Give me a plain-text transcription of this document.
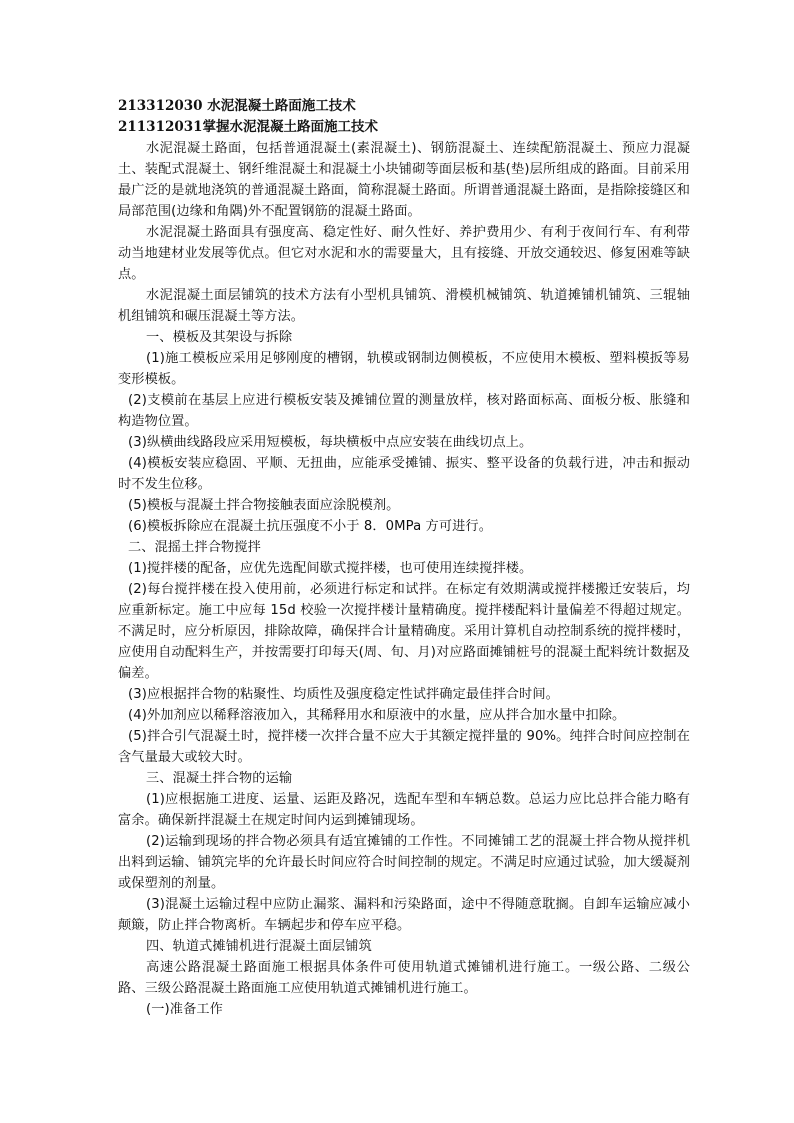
213312030 水泥混凝土路面施工技术

211312031掌握水泥混凝土路面施工技术

水泥混凝土路面，包括普通混凝土(素混凝土)、钢筋混凝土、连续配筋混凝土、预应力混凝土、装配式混凝土、钢纤维混凝土和混凝土小块铺砌等面层板和基(垫)层所组成的路面。目前采用最广泛的是就地浇筑的普通混凝土路面，简称混凝土路面。所谓普通混凝土路面，是指除接缝区和局部范围(边缘和角隅)外不配置钢筋的混凝土路面。

水泥混凝土路面具有强度高、稳定性好、耐久性好、养护费用少、有利于夜间行车、有利带动当地建材业发展等优点。但它对水泥和水的需要量大，且有接缝、开放交通较迟、修复困难等缺点。

水泥混凝土面层铺筑的技术方法有小型机具铺筑、滑模机械铺筑、轨道摊铺机铺筑、三辊轴机组铺筑和碾压混凝土等方法。

一、模板及其架设与拆除

(1)施工模板应采用足够刚度的槽钢，轨模或钢制边侧模板，不应使用木模板、塑料模扳等易变形模板。

(2)支模前在基层上应进行模板安装及摊铺位置的测量放样，核对路面标高、面板分板、胀缝和构造物位置。

(3)纵横曲线路段应采用短模板，每块横板中点应安装在曲线切点上。

(4)模板安装应稳固、平顺、无扭曲，应能承受摊铺、振实、整平设备的负载行进，冲击和振动时不发生位移。

(5)模板与混凝土拌合物接触表面应涂脱模剂。

(6)模板拆除应在混凝土抗压强度不小于 8．0MPa 方可进行。

二、混摇土拌合物搅拌

(1)搅拌楼的配备，应优先选配间歇式搅拌楼，也可使用连续搅拌楼。

(2)每台搅拌楼在投入使用前，必须进行标定和试拌。在标定有效期满或搅拌楼搬迁安装后，均应重新标定。施工中应每 15d 校验一次搅拌楼计量精确度。搅拌楼配料计量偏差不得超过规定。不满足时，应分析原因，排除故障，确保拌合计量精确度。采用计算机自动控制系统的搅拌楼时，应使用自动配料生产，并按需要打印每天(周、旬、月)对应路面摊铺桩号的混凝土配料统计数据及偏差。

(3)应根据拌合物的粘聚性、均质性及强度稳定性试拌确定最佳拌合时间。

(4)外加剂应以稀释溶液加入，其稀释用水和原液中的水量，应从拌合加水量中扣除。

(5)拌合引气混凝土时，搅拌楼一次拌合量不应大于其额定搅拌量的 90%。纯拌合时间应控制在含气量最大或较大时。

三、混凝土拌合物的运输

(1)应根据施工进度、运量、运距及路况，选配车型和车辆总数。总运力应比总拌合能力略有富余。确保新拌混凝土在规定时间内运到摊铺现场。

(2)运输到现场的拌合物必须具有适宜摊铺的工作性。不同摊铺工艺的混凝土拌合物从搅拌机出料到运输、铺筑完毕的允许最长时间应符合时间控制的规定。不满足时应通过试验，加大缓凝剂或保塑剂的剂量。

(3)混凝土运输过程中应防止漏浆、漏料和污染路面，途中不得随意耽搁。自卸车运输应减小颠簸，防止拌合物离析。车辆起步和停车应平稳。

四、轨道式摊铺机进行混凝土面层铺筑

高速公路混凝土路面施工根据具体条件可使用轨道式摊铺机进行施工。一级公路、二级公路、三级公路混凝土路面施工应使用轨道式摊铺机进行施工。

(一)准备工作
